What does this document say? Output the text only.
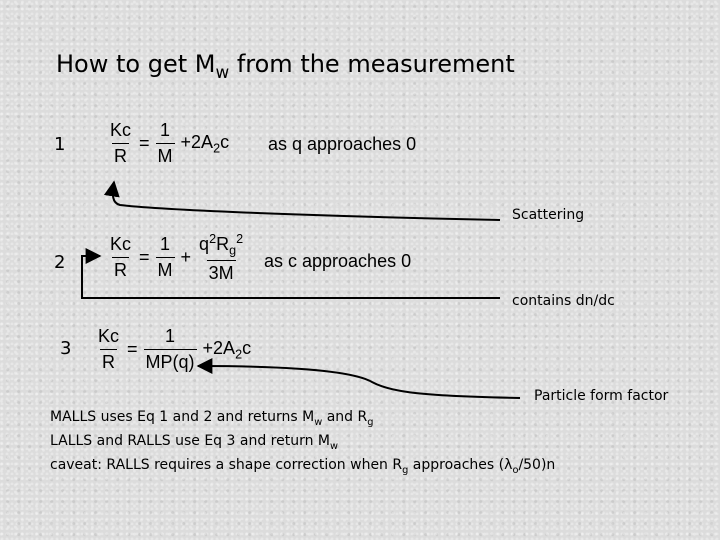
How to get $M_w$ from the measurement
$1 \frac{Kc}{R} = \frac{1}{M} +2A_2c$ as q approaches 0
$2 \frac{Kc}{R} = \frac{1}{M} + \frac{q^2R_g^2}{3M}$ as c approaches 0
$3 \frac{Kc}{R} = \frac{1}{MP(q)} +2A_2c$
Scattering
contains dn/dc
Particle form factor
MALLS uses Eq 1 and 2 and returns $M_w$ and $R_g$
LALLS and RALLS use Eq 3 and return $M_w$
caveat: RALLS requires a shape correction when $R_g$ approaches $(\lambda_o/50)n$
